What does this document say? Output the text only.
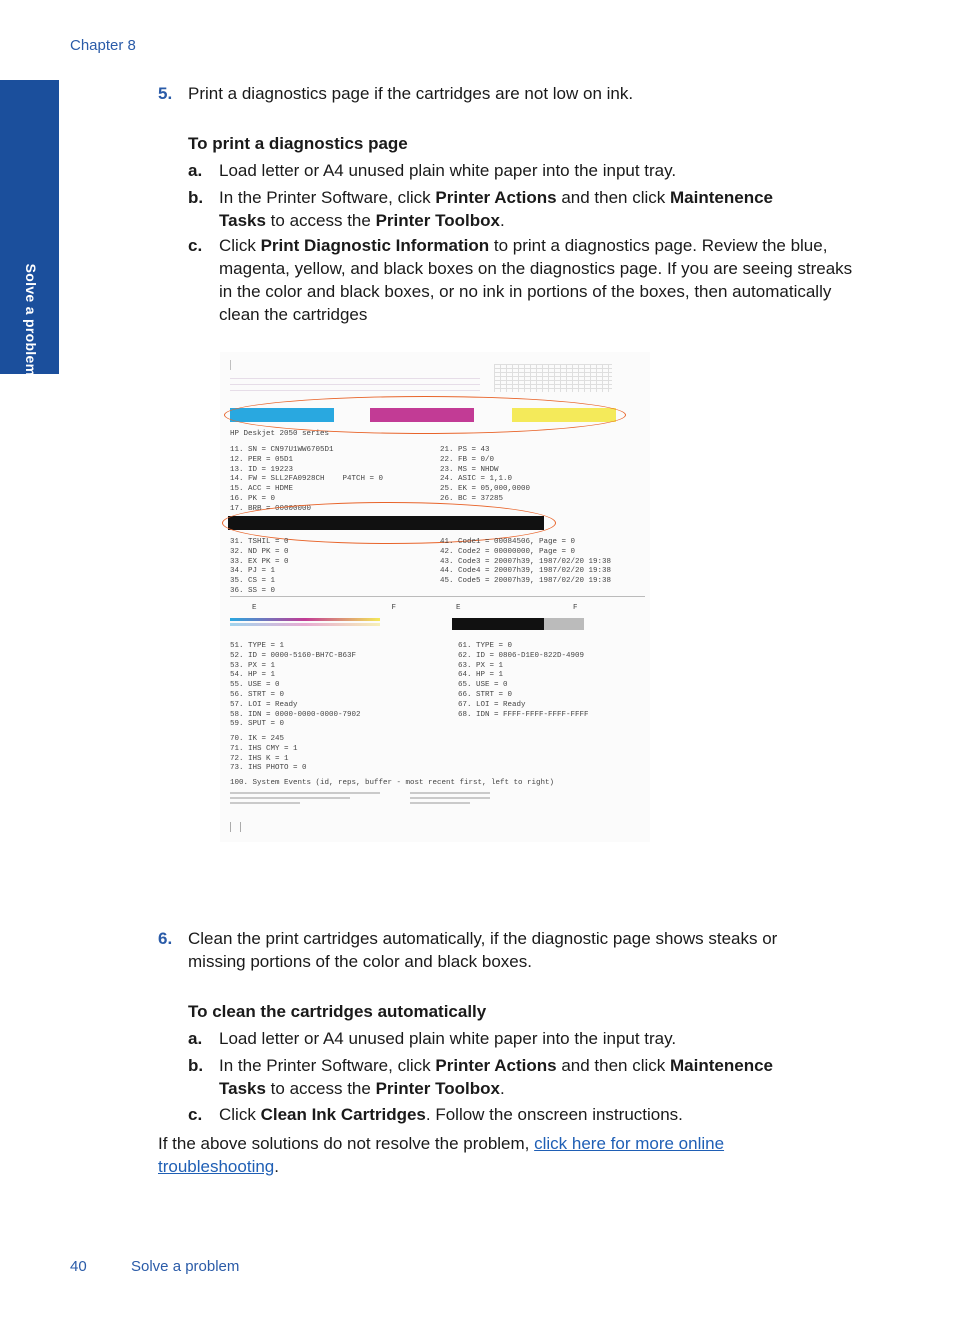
Chapter 8
Solve a problem
5. Print a diagnostics page if the cartridges are not low on ink.
To print a diagnostics page
a. Load letter or A4 unused plain white paper into the input tray.
b. In the Printer Software, click Printer Actions and then click Maintenence
Tasks to access the Printer Toolbox.
c. Click Print Diagnostic Information to print a diagnostics page. Review the blue, magenta, yellow, and black boxes on the diagnostics page. If you are seeing streaks in the color and black boxes, or no ink in portions of the boxes, then automatically clean the cartridges
HP Deskjet 2050 series
11. SN = CN97U1WW6705D1
12. PER = 05D1
13. ID = 19223
14. FW = SLL2FA0928CH    P4TCH = 0
15. ACC = HDME
16. PK = 0
17. BRB = 00000000
21. PS = 43
22. FB = 0/0
23. MS = NHDW
24. ASIC = 1,1.0
25. EK = 05,000,0000
26. BC = 37285
31. TSHIL = 0
32. ND PK = 0
33. EX PK = 0
34. PJ = 1
35. CS = 1
36. SS = 0
41. Code1 = 00084506, Page = 0
42. Code2 = 00000000, Page = 0
43. Code3 = 20007h39, 1987/02/20 19:38
44. Code4 = 20007h39, 1987/02/20 19:38
45. Code5 = 20007h39, 1987/02/20 19:38
E                              F	E                         F
51. TYPE = 1
52. ID = 0000-5160-BH7C-B63F
53. PX = 1
54. HP = 1
55. USE = 0
56. STRT = 0
57. LOI = Ready
58. IDN = 0000-0000-0000-7902
59. SPUT = 0
61. TYPE = 0
62. ID = 0806-D1E0-822D-4909
63. PX = 1
64. HP = 1
65. USE = 0
66. STRT = 0
67. LOI = Ready
68. IDN = FFFF-FFFF-FFFF-FFFF
70. IK = 245
71. IHS CMY = 1
72. IHS K = 1
73. IHS PHOTO = 0
100. System Events (id, reps, buffer - most recent first, left to right)
6. Clean the print cartridges automatically, if the diagnostic page shows steaks or missing portions of the color and black boxes.
To clean the cartridges automatically
a. Load letter or A4 unused plain white paper into the input tray.
b. In the Printer Software, click Printer Actions and then click Maintenence
Tasks to access the Printer Toolbox.
c. Click Clean Ink Cartridges. Follow the onscreen instructions.
If the above solutions do not resolve the problem, click here for more online troubleshooting.
40	Solve a problem
